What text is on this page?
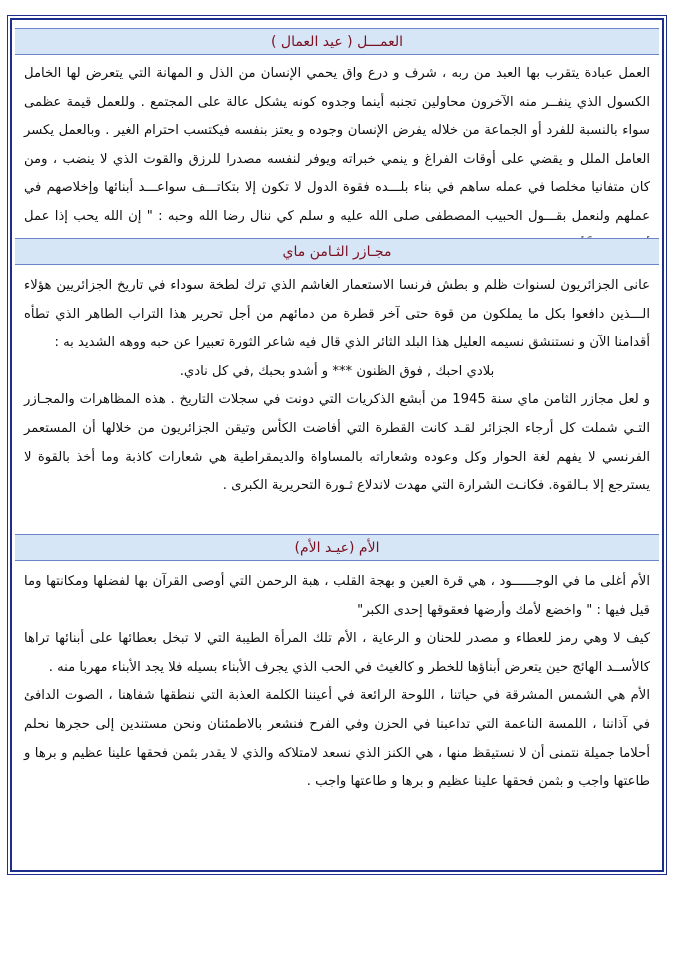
العمـــل ( عيد العمال )

العمل عبادة يتقرب بها العبد من ربه ، شرف و درع واق يحمي الإنسان من الذل و المهانة التي يتعرض لها الخامل الكسول الذي ينفــر منه الآخرون محاولين تجنبه أينما وجدوه كونه يشكل عالة على المجتمع . وللعمل قيمة عظمى سواء بالنسبة للفرد أو الجماعة من خلاله يفرض الإنسان وجوده و يعتز بنفسه فيكتسب احترام الغير . وبالعمل يكسر العامل الملل و يقضي على أوقات الفراغ و ينمي خبراته ويوفر لنفسه مصدرا للرزق والقوت الذي لا ينضب ، ومن كان متفانيا مخلصا في عمله ساهم في بناء بلـــده فقوة الدول لا تكون إلا بتكاتـــف سواعـــد أبنائها وإخلاصهم في عملهم ولنعمل بقـــول الحبيب المصطفى صلى الله عليه و سلم كي ننال رضا الله وحبه : " إن الله يحب إذا عمل

مجـازر الثـامن ماي

عانى الجزائريون لسنوات ظلم و بطش فرنسا الاستعمار الغاشم الذي ترك لطخة سوداء في تاريخ الجزائريين هؤلاء الـــذين دافعوا بكل ما يملكون من قوة حتى آخر قطرة من دمائهم من أجل تحرير هذا التراب الطاهر الذي تطأه أقدامنا الآن و نستنشق نسيمه العليل هذا البلد الثائر الذي قال فيه شاعر الثورة تعبيرا عن حبه ووهه الشديد به :

بلادي احبك , فوق الظنون *** و أشدو بحبك ,في كل نادي.

و لعل مجازر الثامن ماي سنة 1945 من أبشع الذكريات التي دونت في سجلات التاريخ . هذه المظاهرات والمجـازر التـي شملت كل أرجاء الجزائر لقـد كانت القطرة التي أفاضت الكأس وتيقن الجزائريون من خلالها أن المستعمر الفرنسي لا يفهم لغة الحوار وكل وعوده وشعاراته بالمساواة والديمقراطية هي شعارات كاذبة وما أخذ بالقوة لا يسترجع إلا بـالقوة. فكانـت الشرارة التي مهدت لاندلاع ثـورة التحريرية الكبرى .

الأم (عيـد الأم)

الأم أغلى ما في الوجــــــود ، هي قرة العين و بهجة القلب ، هبة الرحمن التي أوصى القرآن بها لفضلها ومكانتها وما قيل فيها : " واخضع لأمك وأرضها فعقوقها إحدى الكبر"

كيف لا وهي رمز للعطاء و مصدر للحنان و الرعاية ، الأم تلك المرأة الطيبة التي لا تبخل بعطائها على أبنائها تراها كالأســد الهائج حين يتعرض أبناؤها للخطر و كالغيث في الحب الذي يجرف الأبناء بسيله فلا يجد الأبناء مهربا منه .

الأم هي الشمس المشرقة في حياتنا ، اللوحة الرائعة في أعيننا الكلمة العذبة التي ننطقها شفاهنا ، الصوت الدافئ في آذاننا ، اللمسة الناعمة التي تداعبنا في الحزن وفي الفرح فنشعر بالاطمئنان ونحن مستندين إلى حجرها نحلم أحلاما جميلة نتمنى أن لا نستيقظ منها ، هي الكنز الذي نسعد لامتلاكه والذي لا يقدر بثمن فحقها علينا عظيم و برها و طاعتها واجب و بثمن فحقها علينا عظيم و برها و طاعتها واجب .
